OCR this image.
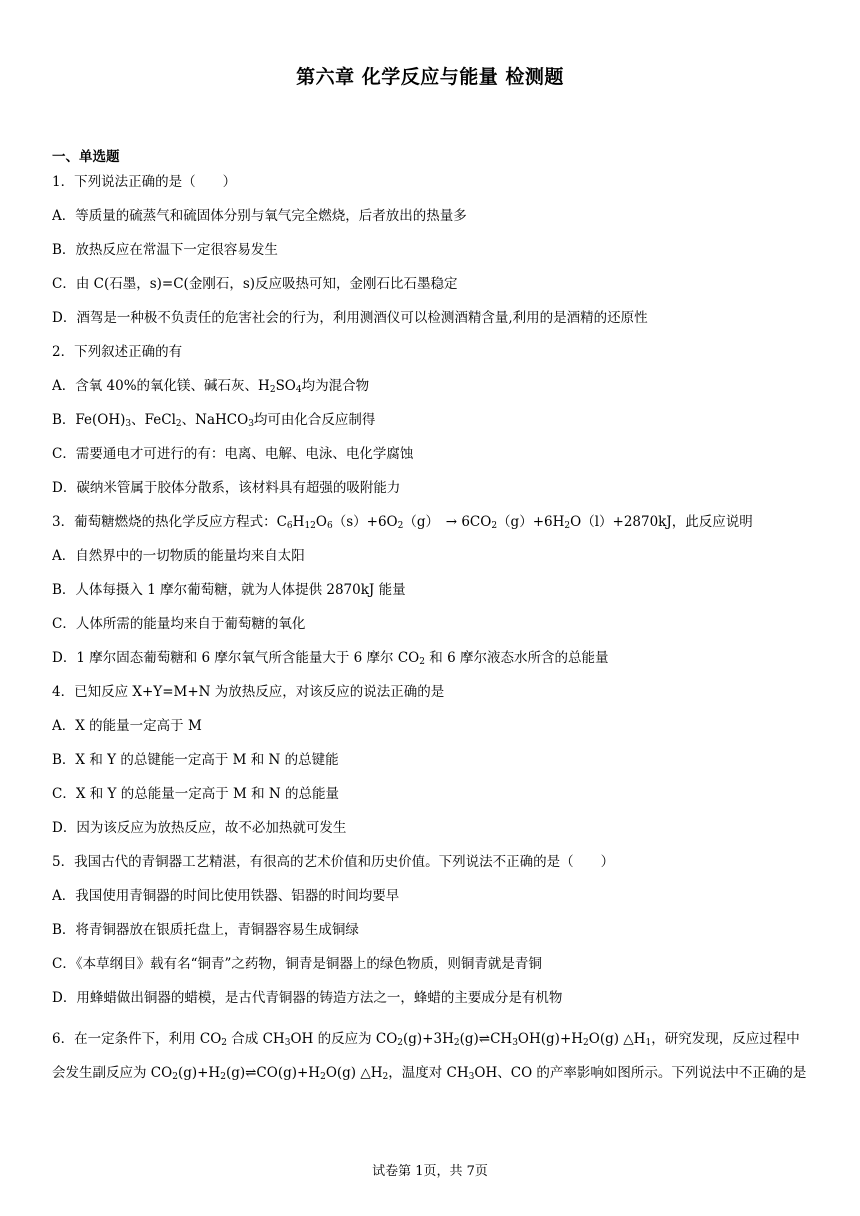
第六章 化学反应与能量 检测题
一、单选题
1．下列说法正确的是（　　）
A．等质量的硫蒸气和硫固体分别与氧气完全燃烧，后者放出的热量多
B．放热反应在常温下一定很容易发生
C．由 C(石墨，s)=C(金刚石，s)反应吸热可知，金刚石比石墨稳定
D．酒驾是一种极不负责任的危害社会的行为，利用测酒仪可以检测酒精含量,利用的是酒精的还原性
2．下列叙述正确的有
A．含氧 40%的氧化镁、碱石灰、$H_2SO_4$均为混合物
B．$Fe(OH)_3$、FeCl$_2$、NaHCO$_3$均可由化合反应制得
C．需要通电才可进行的有：电离、电解、电泳、电化学腐蚀
D．碳纳米管属于胶体分散系，该材料具有超强的吸附能力
3．葡萄糖燃烧的热化学反应方程式：$C_6H_{12}O_6(s)+6O_2(g)$　→ $6CO_2(g)+6H_2O(l)+2870kJ$，此反应说明
A．自然界中的一切物质的能量均来自太阳
B．人体每摄入 1 摩尔葡萄糖，就为人体提供 2870kJ 能量
C．人体所需的能量均来自于葡萄糖的氧化
D．1 摩尔固态葡萄糖和 6 摩尔氧气所含能量大于 6 摩尔 $CO_2$ 和 6 摩尔液态水所含的总能量
4．已知反应 X+Y=M+N 为放热反应，对该反应的说法正确的是
A．X 的能量一定高于 M
B．X 和 Y 的总键能一定高于 M 和 N 的总键能
C．X 和 Y 的总能量一定高于 M 和 N 的总能量
D．因为该反应为放热反应，故不必加热就可发生
5．我国古代的青铜器工艺精湛，有很高的艺术价值和历史价值。下列说法不正确的是（　　）
A．我国使用青铜器的时间比使用铁器、铝器的时间均要早
B．将青铜器放在银质托盘上，青铜器容易生成铜绿
C．《本草纲目》载有名“铜青”之药物，铜青是铜器上的绿色物质，则铜青就是青铜
D．用蜂蜡做出铜器的蜡模，是古代青铜器的铸造方法之一，蜂蜡的主要成分是有机物
6．在一定条件下，利用 $CO_2$ 合成 $CH_3OH$ 的反应为 $CO_2(g)+3H_2(g)\rightleftharpoons CH_3OH(g)+H_2O(g)$ $\triangle H_1$，研究发现，反应过程中会发生副反应为 $CO_2(g)+H_2(g)\rightleftharpoons CO(g)+H_2O(g)$ $\triangle H_2$，温度对 $CH_3OH$、CO 的产率影响如图所示。下列说法中不正确的是
试卷第 1页，共 7页
